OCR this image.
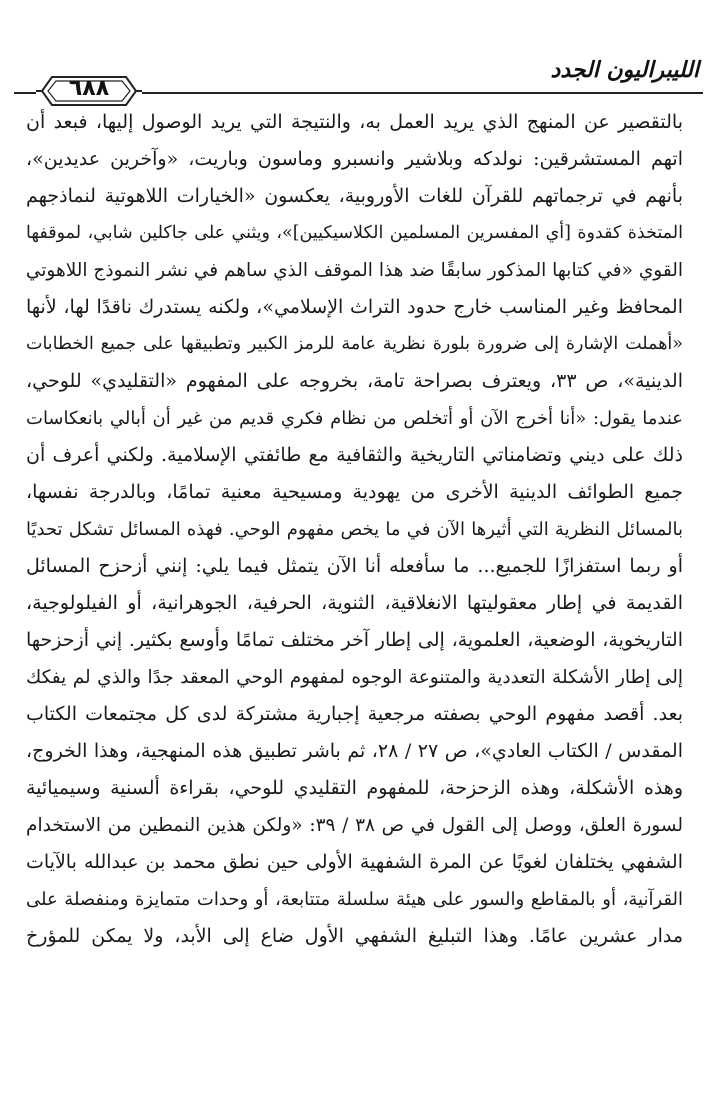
الليبراليون الجدد
٦٨٨
بالتقصير عن المنهج الذي يريد العمل به، والنتيجة التي يريد الوصول إليها، فبعد أن
اتهم المستشرقين: نولدكه وبلاشير وانسبرو وماسون وباريت، «وآخرين عديدين»،
بأنهم في ترجماتهم للقرآن للغات الأوروبية، يعكسون «الخيارات اللاهوتية لنماذجهم
المتخذة كقدوة [أي المفسرين المسلمين الكلاسيكيين]»، ويثني على جاكلين شابي، لموقفها
القوي «في كتابها المذكور سابقًا ضد هذا الموقف الذي ساهم في نشر النموذج اللاهوتي
المحافظ وغير المناسب خارج حدود التراث الإسلامي»، ولكنه يستدرك ناقدًا لها، لأنها
«أهملت الإشارة إلى ضرورة بلورة نظرية عامة للرمز الكبير وتطبيقها على جميع الخطابات
الدينية»، ص ٣٣، ويعترف بصراحة تامة، بخروجه على المفهوم «التقليدي» للوحي،
عندما يقول: «أنا أخرج الآن أو أتخلص من نظام فكري قديم من غير أن أبالي بانعكاسات
ذلك على ديني وتضامناتي التاريخية والثقافية مع طائفتي الإسلامية. ولكني أعرف أن
جميع الطوائف الدينية الأخرى من يهودية ومسيحية معنية تمامًا، وبالدرجة نفسها،
بالمسائل النظرية التي أثيرها الآن في ما يخص مفهوم الوحي. فهذه المسائل تشكل تحديًا
أو ربما استفزازًا للجميع... ما سأفعله أنا الآن يتمثل فيما يلي: إنني أزحزح المسائل
القديمة في إطار معقوليتها الانغلاقية، الثنوية، الحرفية، الجوهرانية، أو الفيلولوجية،
التاريخوية، الوضعية، العلموية، إلى إطار آخر مختلف تمامًا وأوسع بكثير. إني أزحزحها
إلى إطار الأشكلة التعددية والمتنوعة الوجوه لمفهوم الوحي المعقد جدًا والذي لم يفكك
بعد. أقصد مفهوم الوحي بصفته مرجعية إجبارية مشتركة لدى كل مجتمعات الكتاب
المقدس / الكتاب العادي»، ص ٢٧ / ٢٨، ثم باشر تطبيق هذه المنهجية، وهذا الخروج،
وهذه الأشكلة، وهذه الزحزحة، للمفهوم التقليدي للوحي، بقراءة ألسنية وسيميائية
لسورة العلق، ووصل إلى القول في ص ٣٨ / ٣٩: «ولكن هذين النمطين من الاستخدام
الشفهي يختلفان لغويًا عن المرة الشفهية الأولى حين نطق محمد بن عبدالله بالآيات
القرآنية، أو بالمقاطع والسور على هيئة سلسلة متتابعة، أو وحدات متمايزة ومنفصلة على
مدار عشرين عامًا. وهذا التبليغ الشفهي الأول ضاع إلى الأبد، ولا يمكن للمؤرخ
